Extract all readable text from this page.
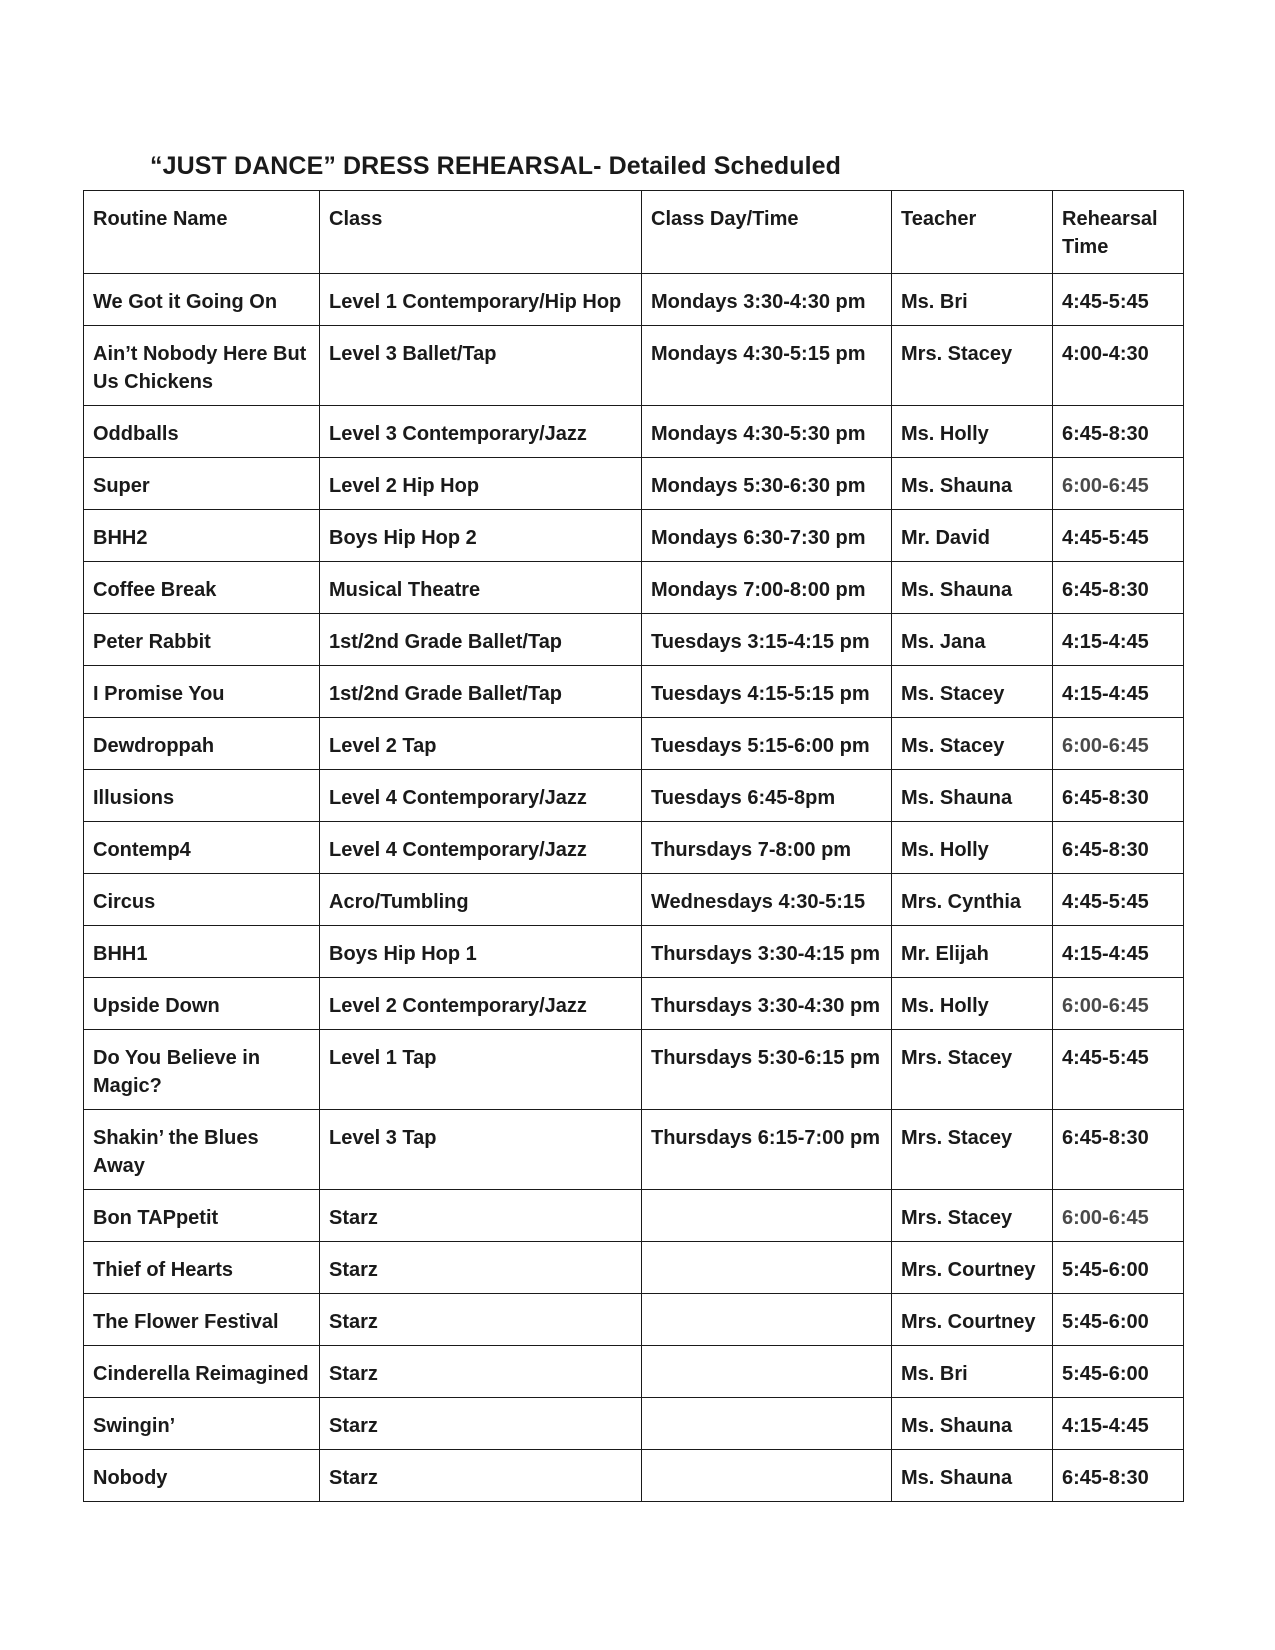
“JUST DANCE” DRESS REHEARSAL- Detailed Scheduled
Routine Name	Class	Class Day/Time	Teacher	Rehearsal Time
We Got it Going On	Level 1 Contemporary/Hip Hop	Mondays 3:30-4:30 pm	Ms. Bri	4:45-5:45
Ain’t Nobody Here But Us Chickens	Level 3 Ballet/Tap	Mondays 4:30-5:15 pm	Mrs. Stacey	4:00-4:30
Oddballs	Level 3 Contemporary/Jazz	Mondays 4:30-5:30 pm	Ms. Holly	6:45-8:30
Super	Level 2 Hip Hop	Mondays 5:30-6:30 pm	Ms. Shauna	6:00-6:45
BHH2	Boys Hip Hop 2	Mondays 6:30-7:30 pm	Mr. David	4:45-5:45
Coffee Break	Musical Theatre	Mondays 7:00-8:00 pm	Ms. Shauna	6:45-8:30
Peter Rabbit	1st/2nd Grade Ballet/Tap	Tuesdays 3:15-4:15 pm	Ms. Jana	4:15-4:45
I Promise You	1st/2nd Grade Ballet/Tap	Tuesdays 4:15-5:15 pm	Ms. Stacey	4:15-4:45
Dewdroppah	Level 2 Tap	Tuesdays 5:15-6:00 pm	Ms. Stacey	6:00-6:45
Illusions	Level 4 Contemporary/Jazz	Tuesdays 6:45-8pm	Ms. Shauna	6:45-8:30
Contemp4	Level 4 Contemporary/Jazz	Thursdays 7-8:00 pm	Ms. Holly	6:45-8:30
Circus	Acro/Tumbling	Wednesdays 4:30-5:15	Mrs. Cynthia	4:45-5:45
BHH1	Boys Hip Hop 1	Thursdays 3:30-4:15 pm	Mr. Elijah	4:15-4:45
Upside Down	Level 2 Contemporary/Jazz	Thursdays 3:30-4:30 pm	Ms. Holly	6:00-6:45
Do You Believe in Magic?	Level 1 Tap	Thursdays 5:30-6:15 pm	Mrs. Stacey	4:45-5:45
Shakin’ the Blues Away	Level 3 Tap	Thursdays 6:15-7:00 pm	Mrs. Stacey	6:45-8:30
Bon TAPpetit	Starz		Mrs. Stacey	6:00-6:45
Thief of Hearts	Starz		Mrs. Courtney	5:45-6:00
The Flower Festival	Starz		Mrs. Courtney	5:45-6:00
Cinderella Reimagined	Starz		Ms. Bri	5:45-6:00
Swingin’	Starz		Ms. Shauna	4:15-4:45
Nobody	Starz		Ms. Shauna	6:45-8:30
